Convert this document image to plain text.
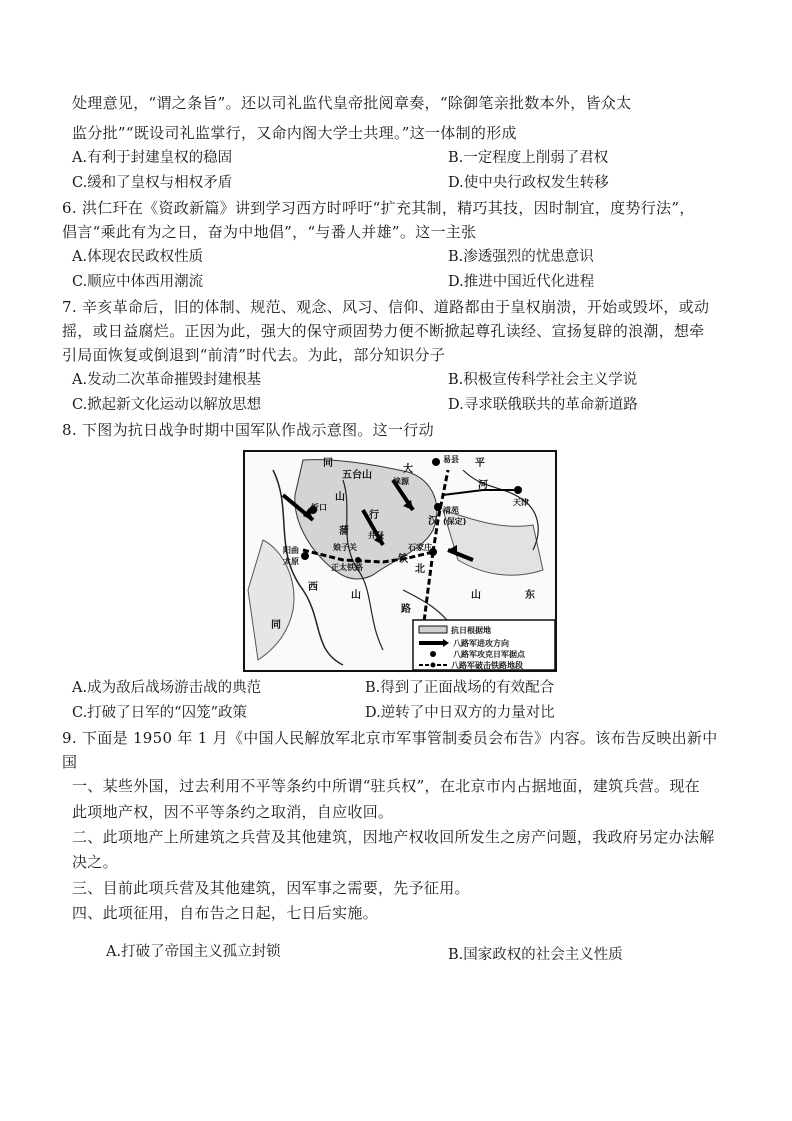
处理意见，“谓之条旨”。还以司礼监代皇帝批阅章奏，“除御笔亲批数本外，皆众太
监分批”“既设司礼监掌行，又命内阁大学士共理。”这一体制的形成
A.有利于封建皇权的稳固	B.一定程度上削弱了君权
C.缓和了皇权与相权矛盾	D.使中央行政权发生转移
6. 洪仁玕在《资政新篇》讲到学习西方时呼吁“扩充其制，精巧其技，因时制宜，度势行法”，
倡言“乘此有为之日，奋为中地倡”，“与番人并雄”。这一主张
A.体现农民政权性质	B.渗透强烈的忧患意识
C.顺应中体西用潮流	D.推进中国近代化进程
7. 辛亥革命后，旧的体制、规范、观念、风习、信仰、道路都由于皇权崩溃，开始或毁坏，或动
摇，或日益腐烂。正因为此，强大的保守顽固势力便不断掀起尊孔读经、宣扬复辟的浪潮，想牵
引局面恢复或倒退到“前清”时代去。为此，部分知识分子
A.发动二次革命摧毁封建根基	B.积极宣传科学社会主义学说
C.掀起新文化运动以解放思想	D.寻求联俄联共的革命新道路
8. 下图为抗日战争时期中国军队作战示意图。这一行动
同
五台山
易县 平
大
涞源	河
天津
山
忻口
行	清苑
(保定)
汉
蒲 井陉
阳曲
太原
石家庄
娘子关
正太铁路	北
铁
西
山
路
山	东
同	抗日根据地
八路军进攻方向
八路军攻克日军据点
八路军破击铁路地段
A.成为敌后战场游击战的典范	B.得到了正面战场的有效配合
C.打破了日军的“囚笼”政策	D.逆转了中日双方的力量对比
9. 下面是 1950 年 1 月《中国人民解放军北京市军事管制委员会布告》内容。该布告反映出新中
国
一、某些外国，过去利用不平等条约中所谓“驻兵权”，在北京市内占据地面，建筑兵营。现在
此项地产权，因不平等条约之取消，自应收回。
二、此项地产上所建筑之兵营及其他建筑，因地产权收回所发生之房产问题，我政府另定办法解
决之。
三、目前此项兵营及其他建筑，因军事之需要，先予征用。
四、此项征用，自布告之日起，七日后实施。
A.打破了帝国主义孤立封锁	B.国家政权的社会主义性质
